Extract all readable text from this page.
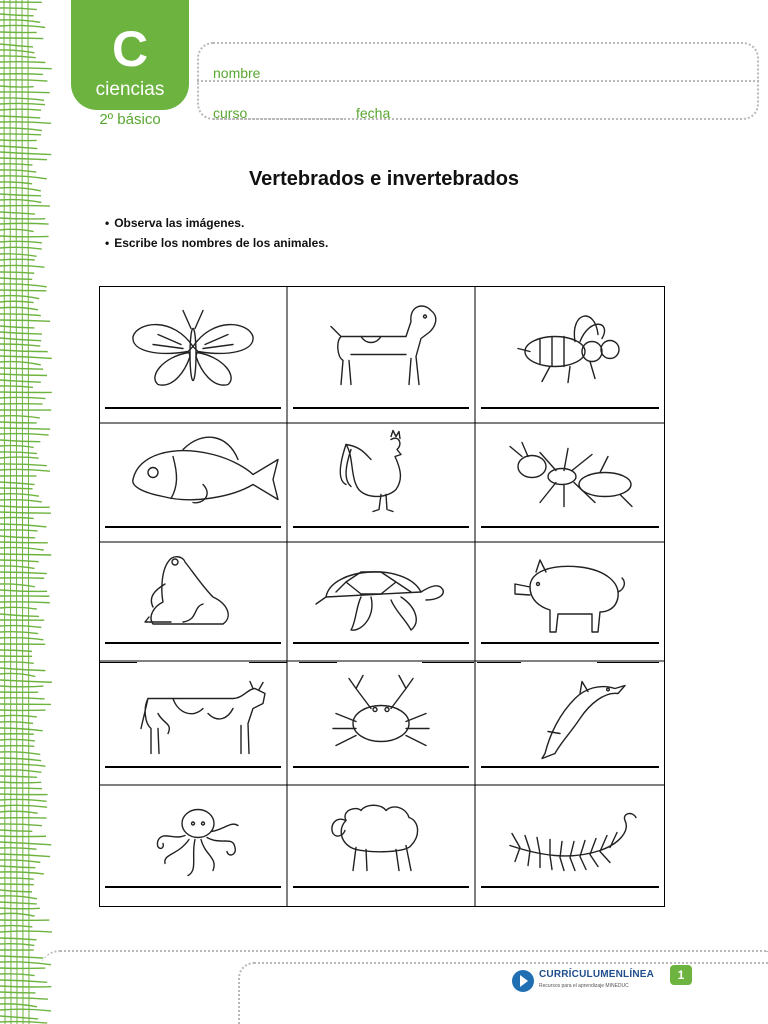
C
ciencias
2º básico
nombre
curso	fecha
Vertebrados e invertebrados
• Observa las imágenes.
• Escribe los nombres de los animales.
CURRÍCULUMENLÍNEA
Recursos para el aprendizaje MINEDUC
1
